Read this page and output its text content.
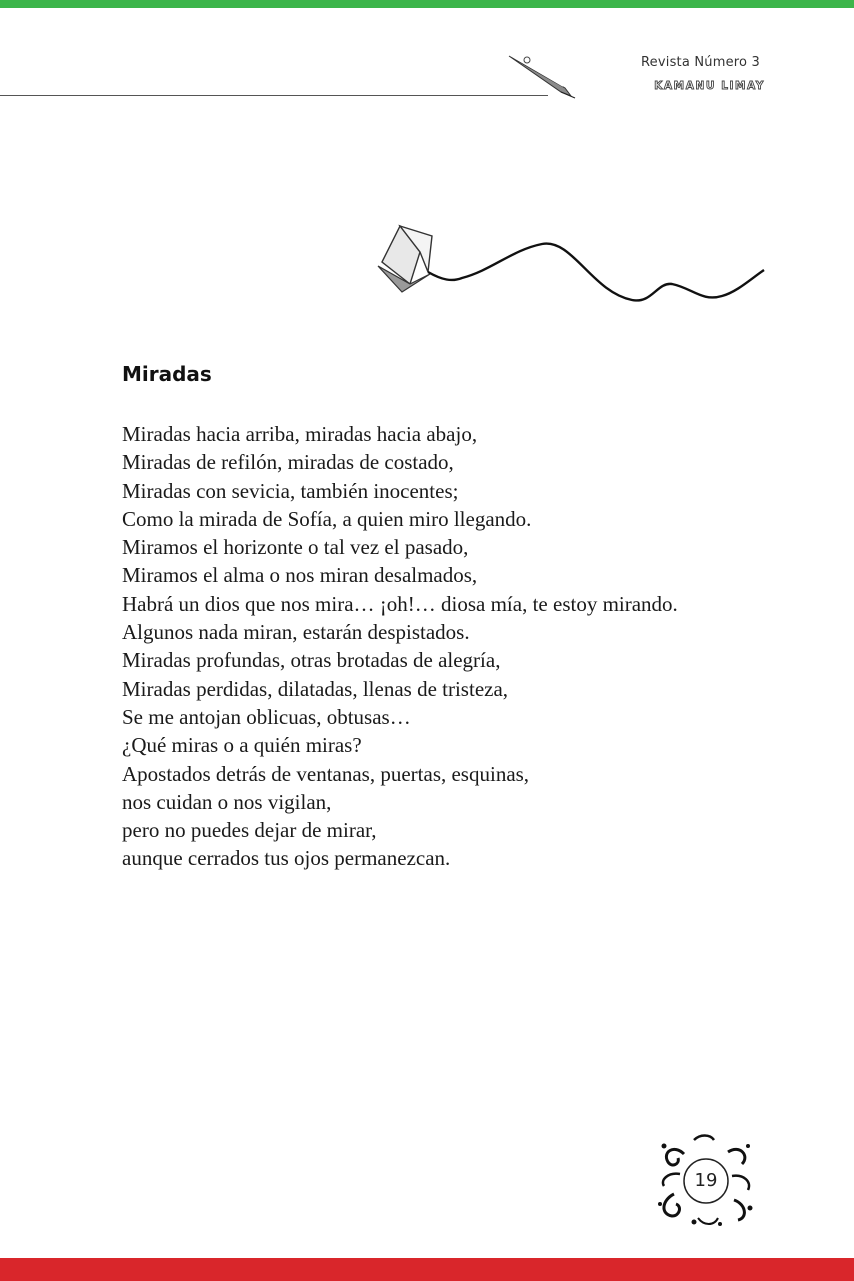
Revista Número 3
KAMANU LIMAY
Miradas
Miradas hacia arriba, miradas hacia abajo,
Miradas de refilón, miradas de costado,
Miradas con sevicia, también inocentes;
Como la mirada de Sofía, a quien miro llegando.
Miramos el horizonte o tal vez el pasado,
Miramos el alma o nos miran desalmados,
Habrá un dios que nos mira… ¡oh!… diosa mía, te estoy mirando.
Algunos nada miran, estarán despistados.
Miradas profundas, otras brotadas de alegría,
Miradas perdidas, dilatadas, llenas de tristeza,
Se me antojan oblicuas, obtusas…
¿Qué miras o a quién miras?
Apostados detrás de ventanas, puertas, esquinas,
nos cuidan o nos vigilan,
pero no puedes dejar de mirar,
aunque cerrados tus ojos permanezcan.
19
